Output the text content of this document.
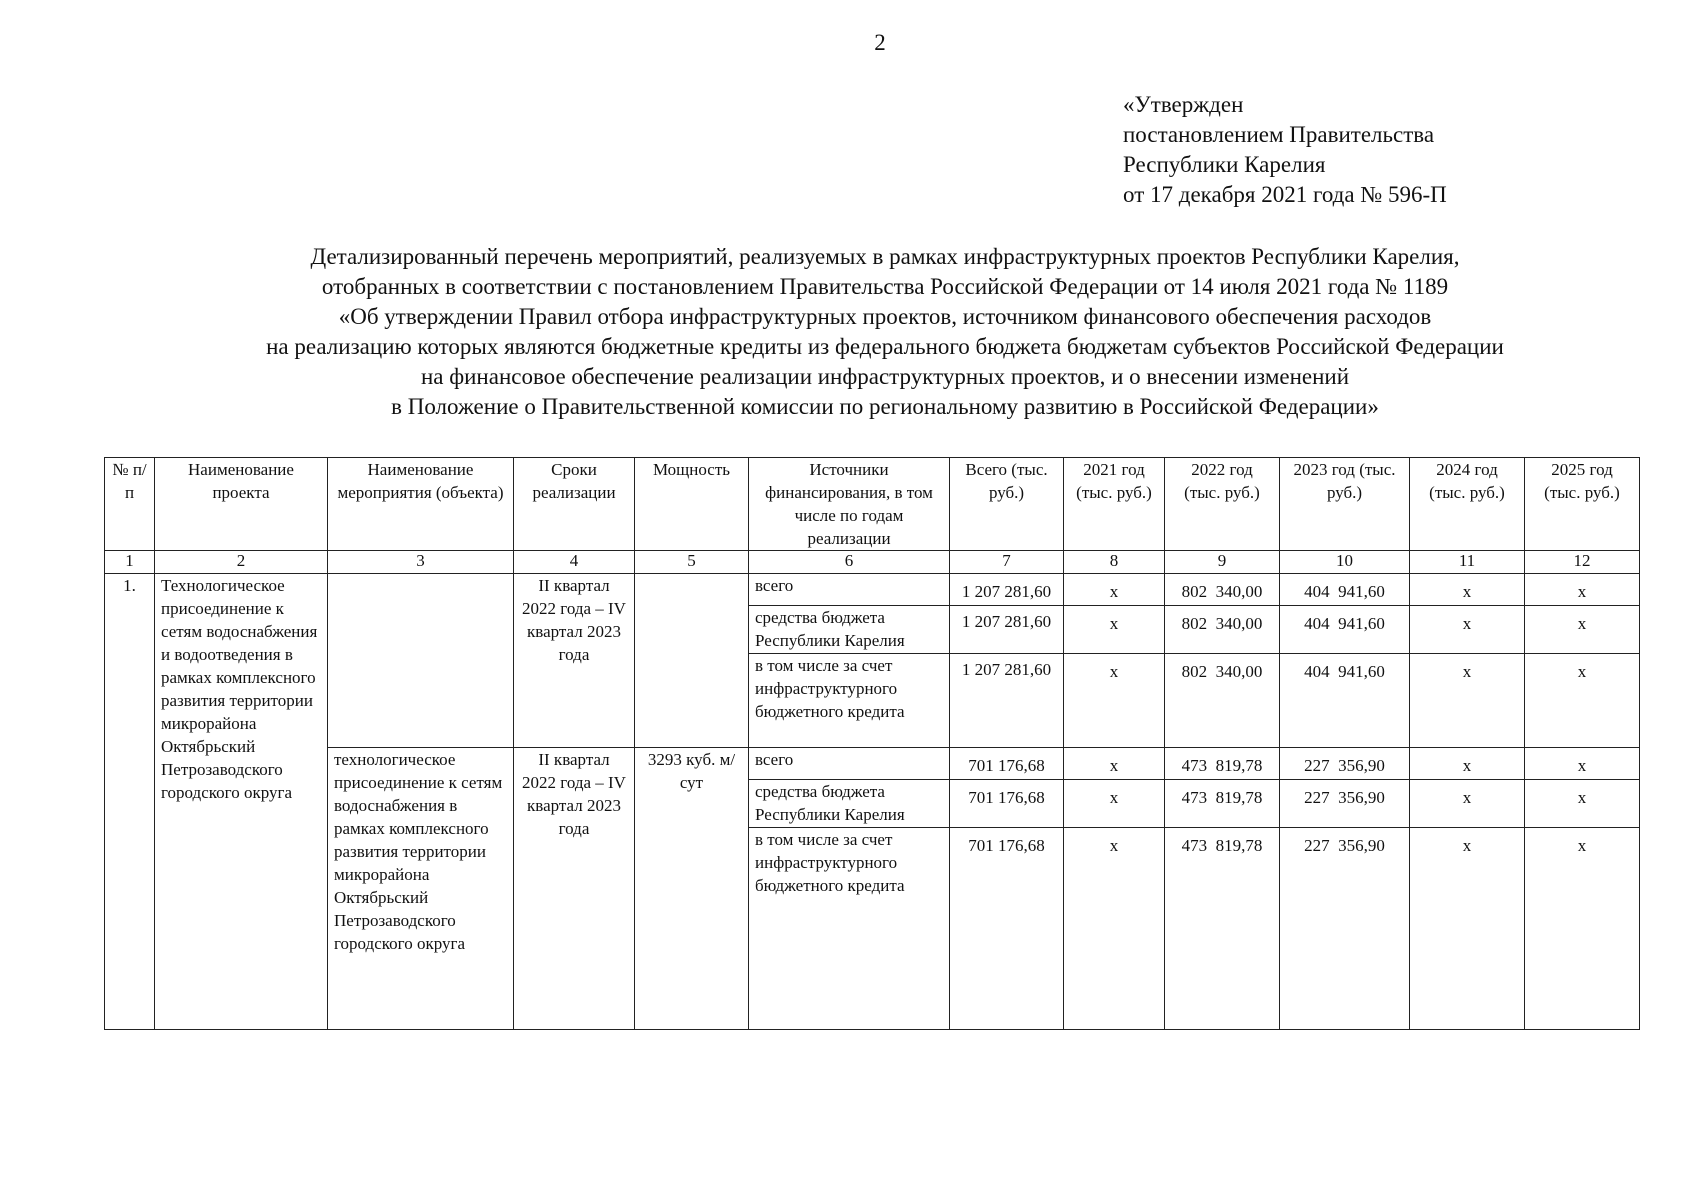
2
«Утвержден
постановлением Правительства
Республики Карелия
от 17 декабря 2021 года № 596-П
Детализированный перечень мероприятий, реализуемых в рамках инфраструктурных проектов Республики Карелия,
отобранных в соответствии с постановлением Правительства Российской Федерации от 14 июля 2021 года № 1189
«Об утверждении Правил отбора инфраструктурных проектов, источником финансового обеспечения расходов
на реализацию которых являются бюджетные кредиты из федерального бюджета бюджетам субъектов Российской Федерации
на финансовое обеспечение реализации инфраструктурных проектов, и о внесении изменений
в Положение о Правительственной комиссии по региональному развитию в Российской Федерации»
№ п/п	Наименование проекта	Наименование мероприятия (объекта)	Сроки реализации	Мощность	Источники финансирования, в том числе по годам реализации	Всего (тыс. руб.)	2021 год (тыс. руб.)	2022 год (тыс. руб.)	2023 год (тыс. руб.)	2024 год (тыс. руб.)	2025 год (тыс. руб.)
1	2	3	4	5	6	7	8	9	10	11	12
1.	Технологическое присоединение к сетям водоснабжения и водоотведения в рамках комплексного развития территории микрорайона Октябрьский Петрозаводского городского округа		II квартал 2022 года – IV квартал 2023 года		всего	1 207 281,60	х	802  340,00	404  941,60	х	х
					средства бюджета Республики Карелия	1 207 281,60	х	802  340,00	404  941,60	х	х
					в том числе за счет инфраструктурного бюджетного кредита	1 207 281,60	х	802  340,00	404  941,60	х	х
		технологическое присоединение к сетям водоснабжения в рамках комплексного развития территории микрорайона Октябрьский Петрозаводского городского округа	II квартал 2022 года – IV квартал 2023 года	3293 куб. м/сут	всего	701 176,68	х	473  819,78	227  356,90	х	х
					средства бюджета Республики Карелия	701 176,68	х	473  819,78	227  356,90	х	х
					в том числе за счет инфраструктурного бюджетного кредита	701 176,68	х	473  819,78	227  356,90	х	х
